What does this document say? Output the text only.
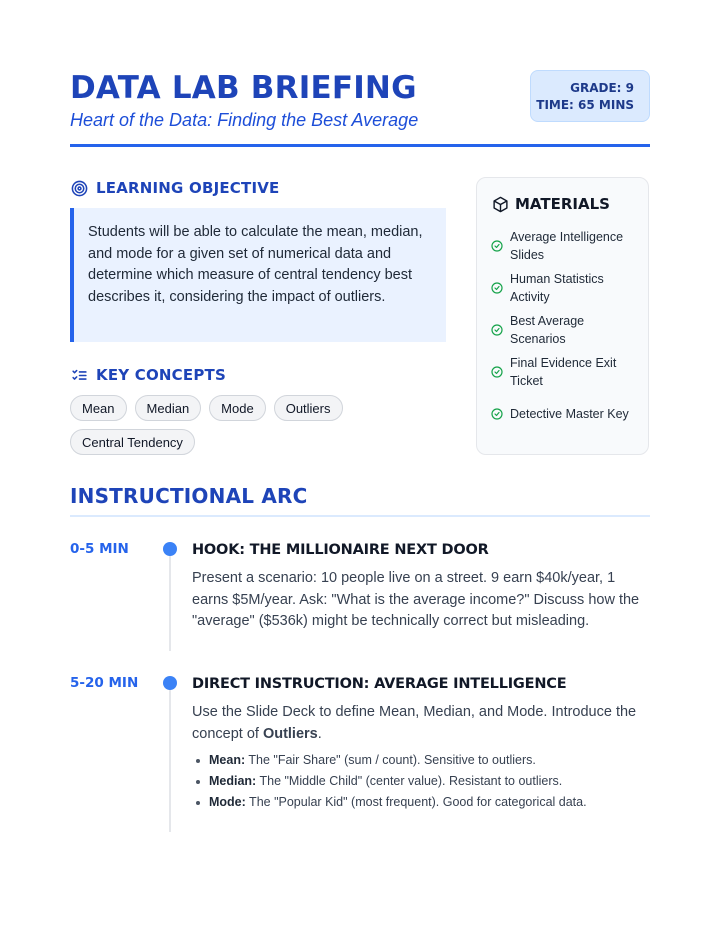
DATA LAB BRIEFING
Heart of the Data: Finding the Best Average
GRADE: 9
TIME: 65 MINS
LEARNING OBJECTIVE

Students will be able to calculate the mean, median, and mode for a given set of numerical data and determine which measure of central tendency best describes it, considering the impact of outliers.

KEY CONCEPTS
Mean	Median	Mode	Outliers
Central Tendency
MATERIALS
Average Intelligence Slides
Human Statistics Activity
Best Average Scenarios
Final Evidence Exit Ticket
Detective Master Key
INSTRUCTIONAL ARC
0-5 MIN	HOOK: THE MILLIONAIRE NEXT DOOR
Present a scenario: 10 people live on a street. 9 earn $40k/year, 1 earns $5M/year. Ask: "What is the average income?" Discuss how the "average" ($536k) might be technically correct but misleading.
5-20 MIN	DIRECT INSTRUCTION: AVERAGE INTELLIGENCE
Use the Slide Deck to define Mean, Median, and Mode. Introduce the concept of Outliers.
Mean: The "Fair Share" (sum / count). Sensitive to outliers.
Median: The "Middle Child" (center value). Resistant to outliers.
Mode: The "Popular Kid" (most frequent). Good for categorical data.
